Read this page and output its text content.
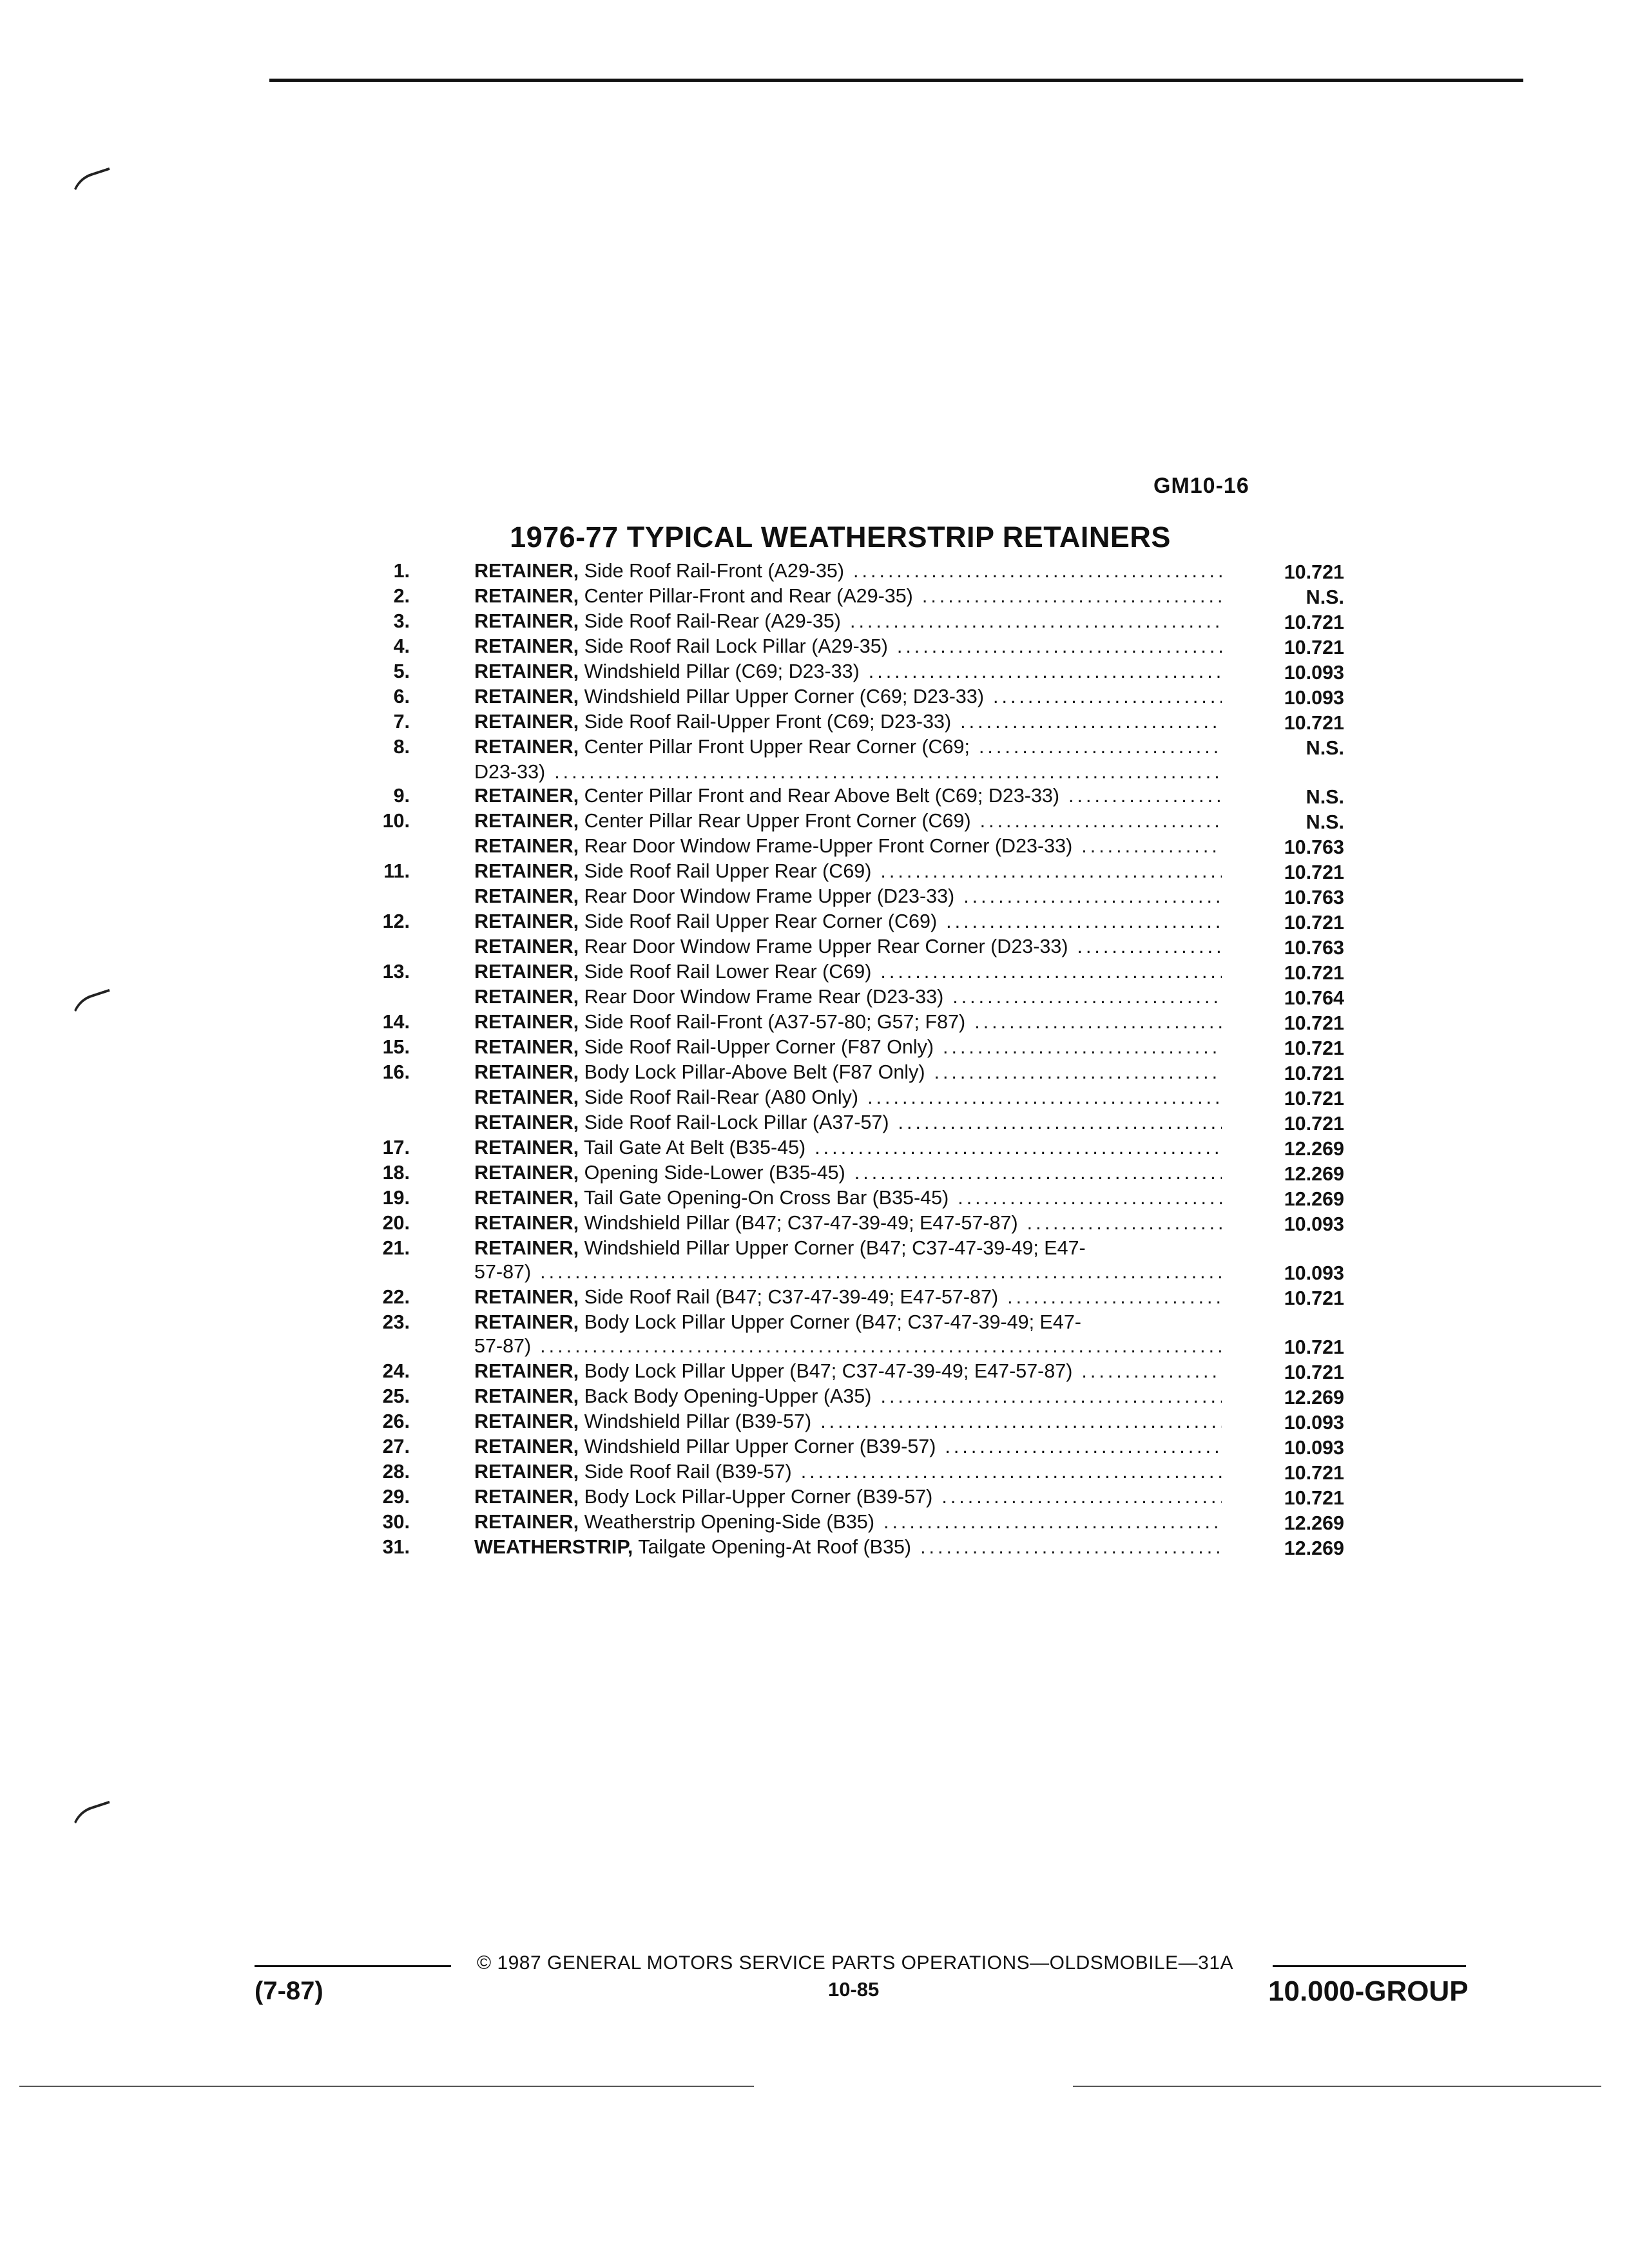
GM10-16
1976-77 TYPICAL WEATHERSTRIP RETAINERS
1.	RETAINER, Side Roof Rail-Front (A29-35) .....	10.721
2.	RETAINER, Center Pillar-Front and Rear (A29-35) .....	N.S.
3.	RETAINER, Side Roof Rail-Rear (A29-35) .....	10.721
4.	RETAINER, Side Roof Rail Lock Pillar (A29-35) .....	10.721
5.	RETAINER, Windshield Pillar (C69; D23-33) .....	10.093
6.	RETAINER, Windshield Pillar Upper Corner (C69; D23-33) .....	10.093
7.	RETAINER, Side Roof Rail-Upper Front (C69; D23-33) .....	10.721
8.	RETAINER, Center Pillar Front Upper Rear Corner (C69; .....	N.S.
D23-33)
.....
9.	RETAINER, Center Pillar Front and Rear Above Belt (C69; D23-33) .....	N.S.
10.	RETAINER, Center Pillar Rear Upper Front Corner (C69) .....	N.S.
RETAINER, Rear Door Window Frame-Upper Front Corner (D23-33) .....	10.763
11.	RETAINER, Side Roof Rail Upper Rear (C69) .....	10.721
RETAINER, Rear Door Window Frame Upper (D23-33) .....	10.763
12.	RETAINER, Side Roof Rail Upper Rear Corner (C69) .....	10.721
RETAINER, Rear Door Window Frame Upper Rear Corner (D23-33) .....	10.763
13.	RETAINER, Side Roof Rail Lower Rear (C69) .....	10.721
RETAINER, Rear Door Window Frame Rear (D23-33) .....	10.764
14.	RETAINER, Side Roof Rail-Front (A37-57-80; G57; F87) .....	10.721
15.	RETAINER, Side Roof Rail-Upper Corner (F87 Only) .....	10.721
16.	RETAINER, Body Lock Pillar-Above Belt (F87 Only) .....	10.721
RETAINER, Side Roof Rail-Rear (A80 Only) .....	10.721
RETAINER, Side Roof Rail-Lock Pillar (A37-57) .....	10.721
17.	RETAINER, Tail Gate At Belt (B35-45) .....	12.269
18.	RETAINER, Opening Side-Lower (B35-45) .....	12.269
19.	RETAINER, Tail Gate Opening-On Cross Bar (B35-45) .....	12.269
20.	RETAINER, Windshield Pillar (B47; C37-47-39-49; E47-57-87) .....	10.093
21.	RETAINER, Windshield Pillar Upper Corner (B47; C37-47-39-49; E47-
57-87) .....	10.093
22.	RETAINER, Side Roof Rail (B47; C37-47-39-49; E47-57-87) .....	10.721
23.	RETAINER, Body Lock Pillar Upper Corner (B47; C37-47-39-49; E47-
57-87) .....	10.721
24.	RETAINER, Body Lock Pillar Upper (B47; C37-47-39-49; E47-57-87) .....	10.721
25.	RETAINER, Back Body Opening-Upper (A35) .....	12.269
26.	RETAINER, Windshield Pillar (B39-57) .....	10.093
27.	RETAINER, Windshield Pillar Upper Corner (B39-57) .....	10.093
28.	RETAINER, Side Roof Rail (B39-57) .....	10.721
29.	RETAINER, Body Lock Pillar-Upper Corner (B39-57) .....	10.721
30.	RETAINER, Weatherstrip Opening-Side (B35) .....	12.269
31.	WEATHERSTRIP, Tailgate Opening-At Roof (B35) .....	12.269
© 1987 GENERAL MOTORS SERVICE PARTS OPERATIONS—OLDSMOBILE—31A
10-85
(7-87)	10.000-GROUP
